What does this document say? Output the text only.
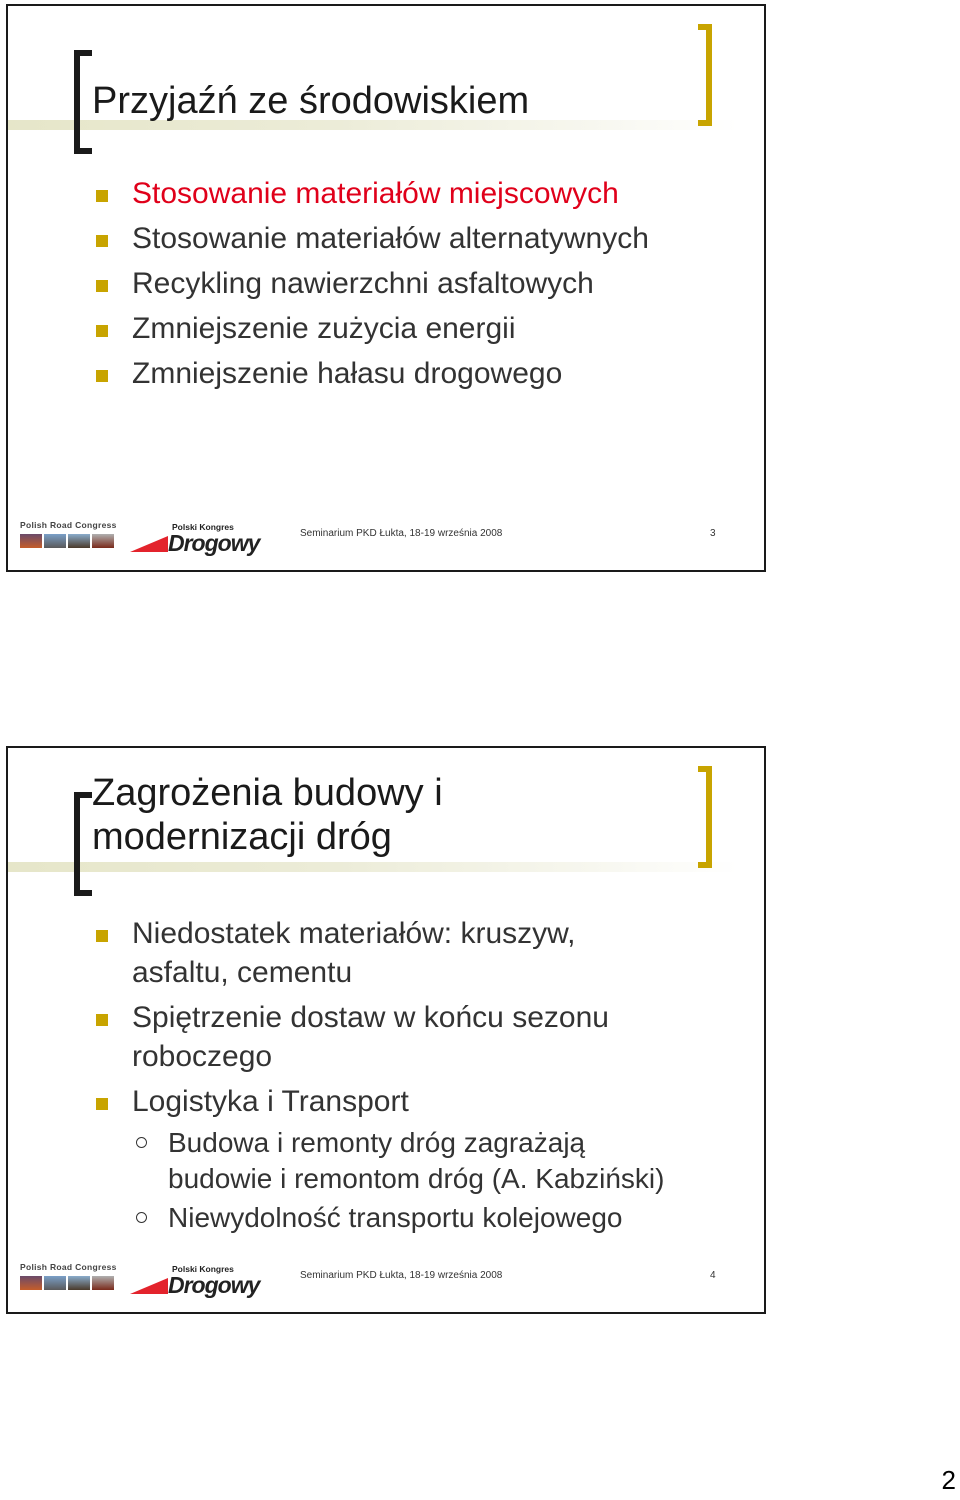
Przyjaźń ze środowiskiem
Stosowanie materiałów miejscowych
Stosowanie materiałów alternatywnych
Recykling nawierzchni asfaltowych
Zmniejszenie zużycia energii
Zmniejszenie hałasu drogowego
Polish Road Congress	Polski Kongres
Drogowy	Seminarium PKD Łukta, 18-19 września 2008	3
Zagrożenia budowy i
modernizacji dróg
Niedostatek materiałów: kruszyw,
asfaltu, cementu
Spiętrzenie dostaw w końcu sezonu
roboczego
Logistyka i Transport
Budowa i remonty dróg zagrażają
budowie i remontom dróg (A. Kabziński)
Niewydolność transportu kolejowego
Polish Road Congress	Polski Kongres
Drogowy	Seminarium PKD Łukta, 18-19 września 2008	4
2
